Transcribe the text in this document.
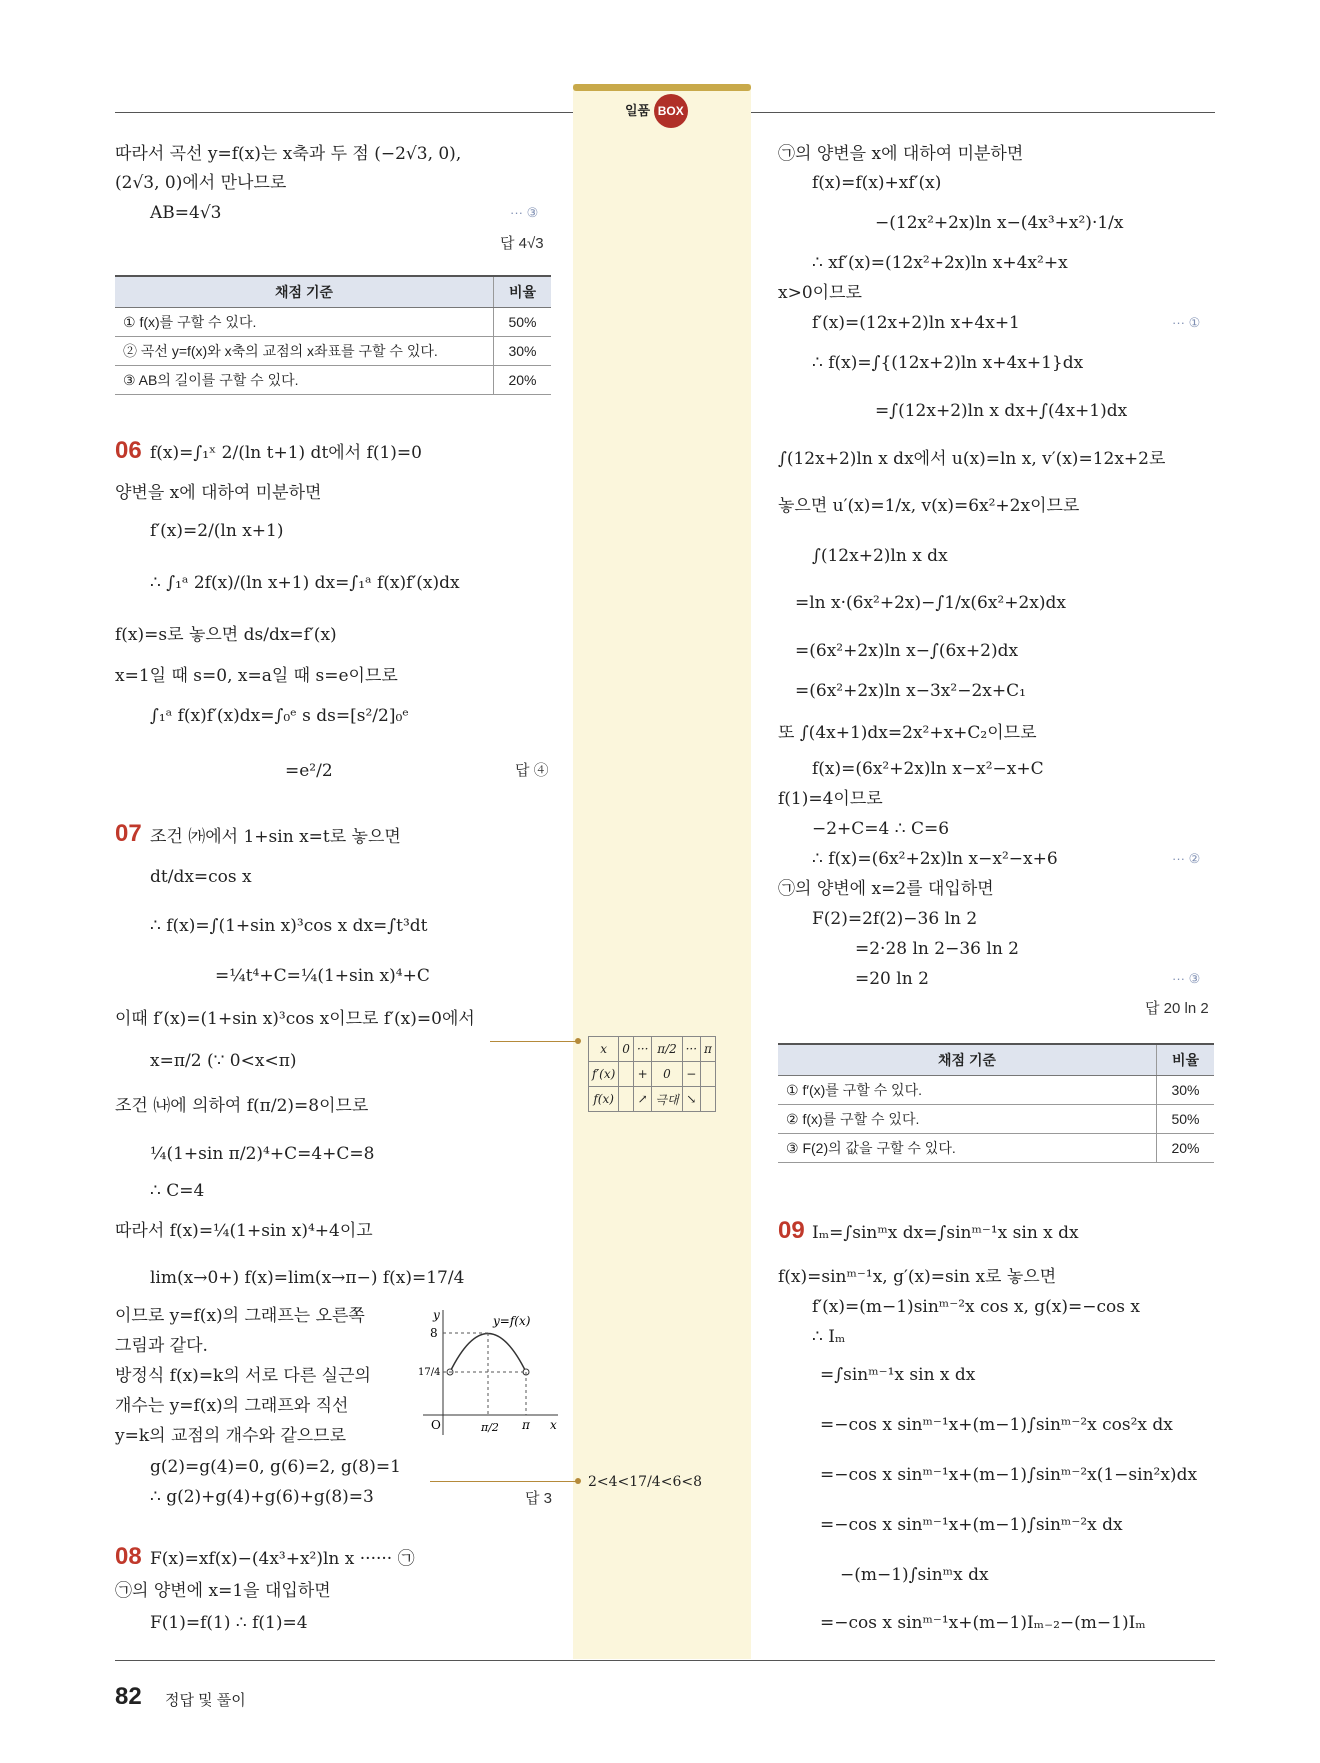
일품 BOX
따라서 곡선 y=f(x)는 x축과 두 점 (−2√3, 0),
(2√3, 0)에서 만나므로
AB=4√3	··· ③
답 4√3
채점 기준	비율
① f(x)를 구할 수 있다.	50%
② 곡선 y=f(x)와 x축의 교점의 x좌표를 구할 수 있다.	30%
③ AB의 길이를 구할 수 있다.	20%
06 f(x)=∫₁ˣ 2/(ln t+1) dt에서 f(1)=0
양변을 x에 대하여 미분하면
f′(x)=2/(ln x+1)
∴ ∫₁ᵃ 2f(x)/(ln x+1) dx=∫₁ᵃ f(x)f′(x)dx
f(x)=s로 놓으면 ds/dx=f′(x)
x=1일 때 s=0, x=a일 때 s=e이므로
∫₁ᵃ f(x)f′(x)dx=∫₀ᵉ s ds=[s²/2]₀ᵉ
=e²/2	답 ④
07 조건 ㈎에서 1+sin x=t로 놓으면
dt/dx=cos x
∴ f(x)=∫(1+sin x)³cos x dx=∫t³dt
=¼t⁴+C=¼(1+sin x)⁴+C
이때 f′(x)=(1+sin x)³cos x이므로 f′(x)=0에서
x=π/2 (∵ 0<x<π)
조건 ㈏에 의하여 f(π/2)=8이므로
¼(1+sin π/2)⁴+C=4+C=8
∴ C=4
따라서 f(x)=¼(1+sin x)⁴+4이고
lim(x→0+) f(x)=lim(x→π−) f(x)=17/4
이므로 y=f(x)의 그래프는 오른쪽
그림과 같다.
방정식 f(x)=k의 서로 다른 실근의
개수는 y=f(x)의 그래프와 직선
y=k의 교점의 개수와 같으므로
g(2)=g(4)=0, g(6)=2, g(8)=1
∴ g(2)+g(4)+g(6)+g(8)=3	답 3
y
x
y=f(x)
8
17/4
O	π/2 π
08 F(x)=xf(x)−(4x³+x²)ln x ······ ㉠
㉠의 양변에 x=1을 대입하면
F(1)=f(1) ∴ f(1)=4
x	0	···	π/2	···	π
f′(x)		+	0	−	
f(x)		↗	극대	↘	
2<4<17/4<6<8
㉠의 양변을 x에 대하여 미분하면
f(x)=f(x)+xf′(x)
−(12x²+2x)ln x−(4x³+x²)·1/x
∴ xf′(x)=(12x²+2x)ln x+4x²+x
x>0이므로
f′(x)=(12x+2)ln x+4x+1	··· ①
∴ f(x)=∫{(12x+2)ln x+4x+1}dx
=∫(12x+2)ln x dx+∫(4x+1)dx
∫(12x+2)ln x dx에서 u(x)=ln x, v′(x)=12x+2로
놓으면 u′(x)=1/x, v(x)=6x²+2x이므로
∫(12x+2)ln x dx
=ln x·(6x²+2x)−∫1/x(6x²+2x)dx
=(6x²+2x)ln x−∫(6x+2)dx
=(6x²+2x)ln x−3x²−2x+C₁
또 ∫(4x+1)dx=2x²+x+C₂이므로
f(x)=(6x²+2x)ln x−x²−x+C
f(1)=4이므로
−2+C=4 ∴ C=6
∴ f(x)=(6x²+2x)ln x−x²−x+6	··· ②
㉠의 양변에 x=2를 대입하면
F(2)=2f(2)−36 ln 2
=2·28 ln 2−36 ln 2
=20 ln 2	··· ③
답 20 ln 2
채점 기준	비율
① f′(x)를 구할 수 있다.	30%
② f(x)를 구할 수 있다.	50%
③ F(2)의 값을 구할 수 있다.	20%
09 Iₘ=∫sinᵐx dx=∫sinᵐ⁻¹x sin x dx
f(x)=sinᵐ⁻¹x, g′(x)=sin x로 놓으면
f′(x)=(m−1)sinᵐ⁻²x cos x, g(x)=−cos x
∴ Iₘ
=∫sinᵐ⁻¹x sin x dx
=−cos x sinᵐ⁻¹x+(m−1)∫sinᵐ⁻²x cos²x dx
=−cos x sinᵐ⁻¹x+(m−1)∫sinᵐ⁻²x(1−sin²x)dx
=−cos x sinᵐ⁻¹x+(m−1)∫sinᵐ⁻²x dx
−(m−1)∫sinᵐx dx
=−cos x sinᵐ⁻¹x+(m−1)Iₘ₋₂−(m−1)Iₘ
82 정답 및 풀이
